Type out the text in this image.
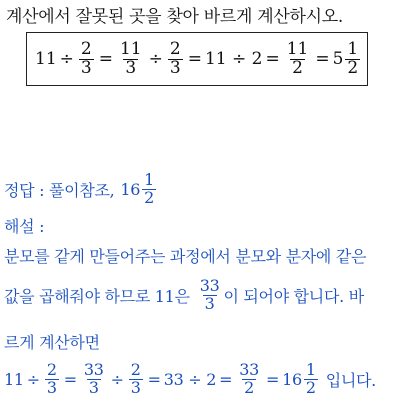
계산에서 잘못된 곳을 찾아 바르게 계산하시오.
$11 \div \frac{2}{3} = \frac{11}{3} \div \frac{2}{3} = 11 \div 2 = \frac{11}{2} = 5 \frac{1}{2}$
정답 : 풀이참조, $16 \frac{1}{2}$
해설 :
분모를 같게 만들어주는 과정에서 분모와 분자에 같은
값을 곱해줘야 하므로 11은 $\frac{33}{3}$ 이 되어야 합니다. 바
르게 계산하면
$11 \div \frac{2}{3} = \frac{33}{3} \div \frac{2}{3} = 33 \div 2 = \frac{33}{2} = 16 \frac{1}{2}$ 입니다.
